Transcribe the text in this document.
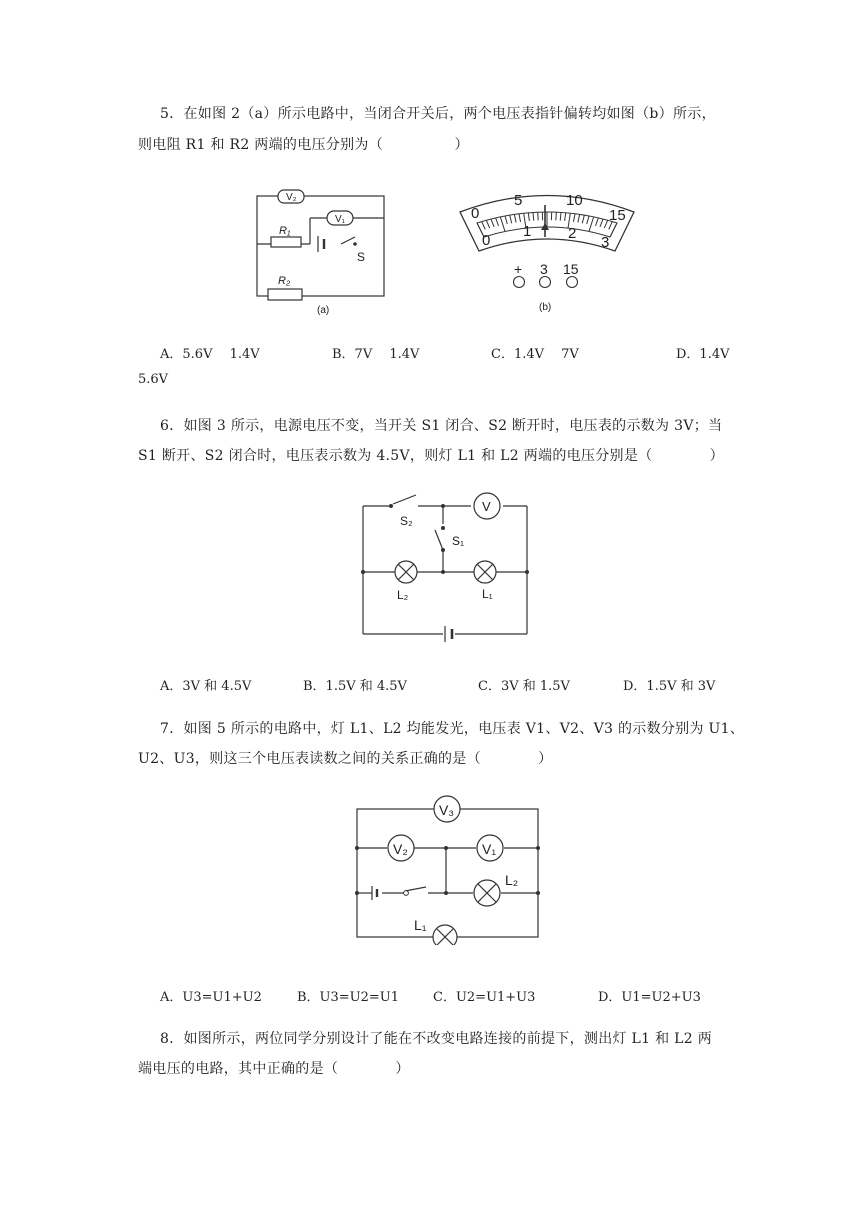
5．在如图 2（a）所示电路中，当闭合开关后，两个电压表指针偏转均如图（b）所示，
则电阻 R1 和 R2 两端的电压分别为（　　　　　）
V₂
V₁
R₁
R₂
S
(a)
0
5	10
15
0
1 2
3
+ 3 15
(b)
A．5.6V　 1.4V	B．7V　 1.4V	C．1.4V　 7V	D．1.4V
5.6V
6．如图 3 所示，电源电压不变，当开关 S1 闭合、S2 断开时，电压表的示数为 3V；当
S1 断开、S2 闭合时，电压表示数为 4.5V，则灯 L1 和 L2 两端的电压分别是（　　　　）
V
S₂
S₁
L₂	L₁
A．3V 和 4.5V	B．1.5V 和 4.5V	C．3V 和 1.5V	D．1.5V 和 3V
7．如图 5 所示的电路中，灯 L1、L2 均能发光，电压表 V1、V2、V3 的示数分别为 U1、
U2、U3，则这三个电压表读数之间的关系正确的是（　　　　）
V₃
V₂	V₁
L₂
L₁
A．U3=U1+U2	B．U3=U2=U1	C．U2=U1+U3	D．U1=U2+U3
8．如图所示，两位同学分别设计了能在不改变电路连接的前提下，测出灯 L1 和 L2 两
端电压的电路，其中正确的是（　　　　）
